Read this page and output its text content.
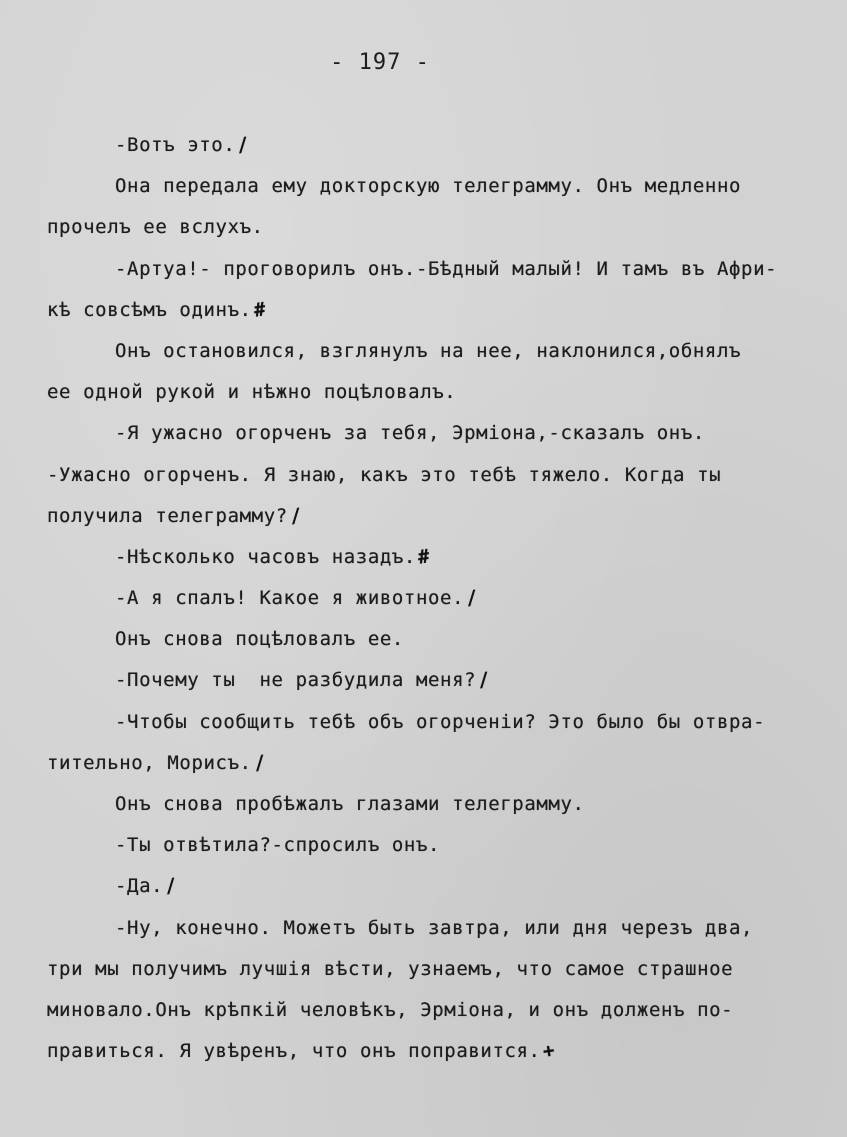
- 197 -
-Вотъ это./
Она передала ему докторскую телеграмму. Онъ медленно
прочелъ ее вслухъ.
-Артуа!- проговорилъ онъ.-Бѣдный малый! И тамъ въ Афри-
кѣ совсѣмъ одинъ.#
Онъ остановился, взглянулъ на нее, наклонился,обнялъ
ее одной рукой и нѣжно поцѣловалъ.
-Я ужасно огорченъ за тебя, Эрміона,-сказалъ онъ.
-Ужасно огорченъ. Я знаю, какъ это тебѣ тяжело. Когда ты
получила телеграмму?/
-Нѣсколько часовъ назадъ.#
-А я спалъ! Какое я животное./
Онъ снова поцѣловалъ ее.
-Почему ты  не разбудила меня?/
-Чтобы сообщить тебѣ объ огорченіи? Это было бы отвра-
тительно, Морисъ./
Онъ снова пробѣжалъ глазами телеграмму.
-Ты отвѣтила?-спросилъ онъ.
-Да./
-Ну, конечно. Можетъ быть завтра, или дня черезъ два,
три мы получимъ лучшія вѣсти, узнаемъ, что самое страшное
миновало.Онъ крѣпкій человѣкъ, Эрміона, и онъ долженъ по-
правиться. Я увѣренъ, что онъ поправится.+
